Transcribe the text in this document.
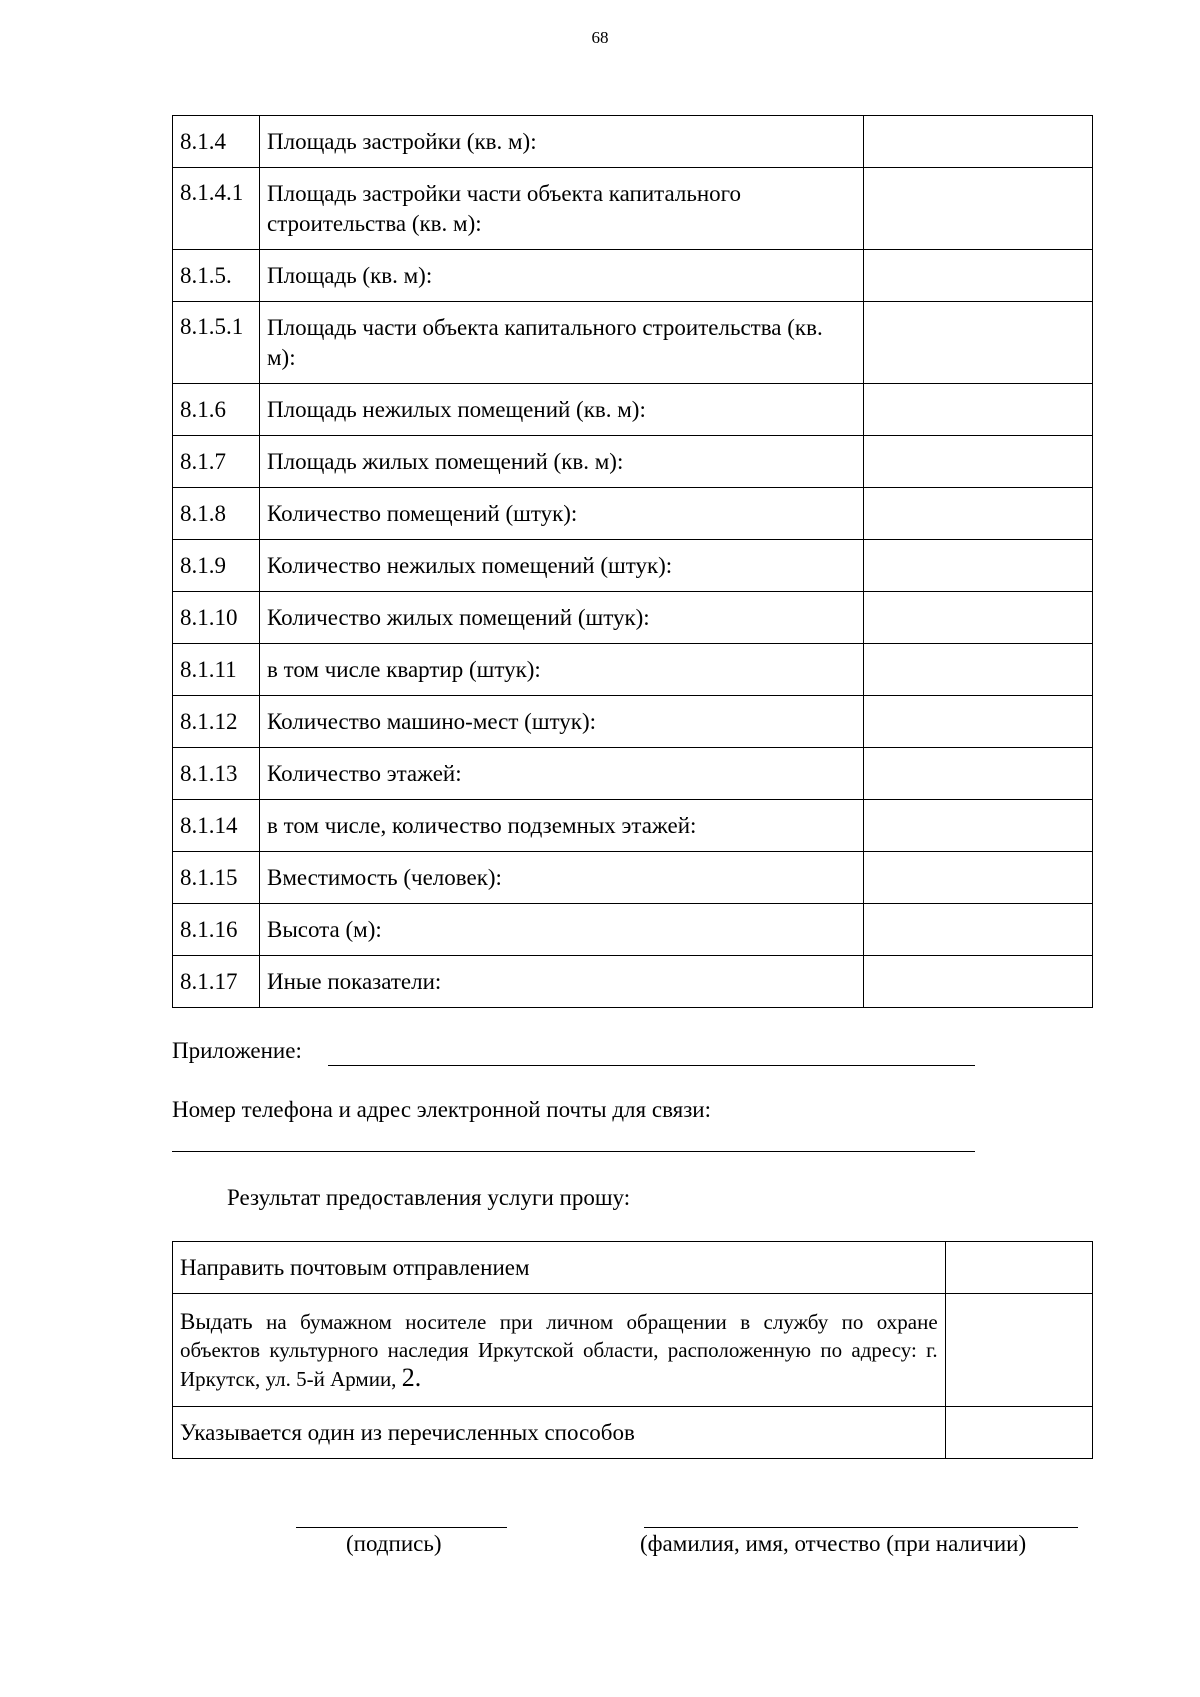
68
8.1.4	Площадь застройки (кв. м):	
8.1.4.1	Площадь застройки части объекта капитального строительства (кв. м):	
8.1.5.	Площадь (кв. м):	
8.1.5.1	Площадь части объекта капитального строительства (кв. м):	
8.1.6	Площадь нежилых помещений (кв. м):	
8.1.7	Площадь жилых помещений (кв. м):	
8.1.8	Количество помещений (штук):	
8.1.9	Количество нежилых помещений (штук):	
8.1.10	Количество жилых помещений (штук):	
8.1.11	в том числе квартир (штук):	
8.1.12	Количество машино-мест (штук):	
8.1.13	Количество этажей:	
8.1.14	в том числе, количество подземных этажей:	
8.1.15	Вместимость (человек):	
8.1.16	Высота (м):	
8.1.17	Иные показатели:	
Приложение:
Номер телефона и адрес электронной почты для связи:
Результат предоставления услуги прошу:
Направить почтовым отправлением	
Выдать на бумажном носителе при личном обращении в службу по охране объектов культурного наследия Иркутской области, расположенную по адресу: г. Иркутск, ул. 5-й Армии, 2.	
Указывается один из перечисленных способов	
(подпись)	(фамилия, имя, отчество (при наличии)
